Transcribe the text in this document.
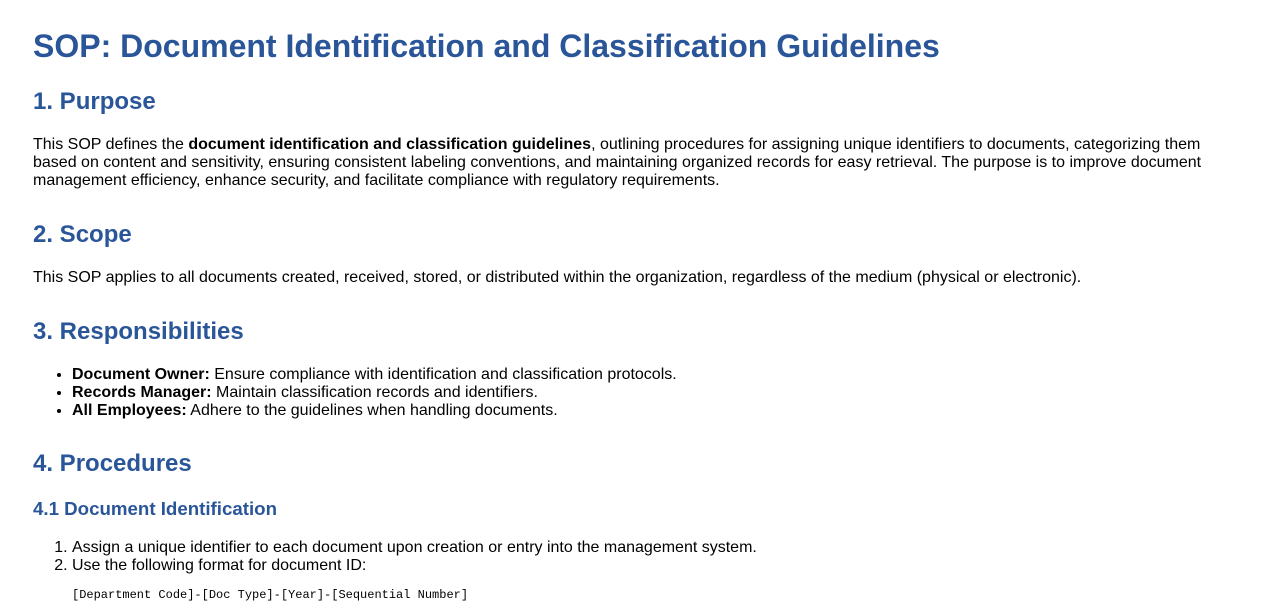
SOP: Document Identification and Classification Guidelines
1. Purpose

This SOP defines the document identification and classification guidelines, outlining procedures for assigning unique identifiers to documents, categorizing them based on content and sensitivity, ensuring consistent labeling conventions, and maintaining organized records for easy retrieval. The purpose is to improve document management efficiency, enhance security, and facilitate compliance with regulatory requirements.

2. Scope

This SOP applies to all documents created, received, stored, or distributed within the organization, regardless of the medium (physical or electronic).

3. Responsibilities
• Document Owner: Ensure compliance with identification and classification protocols.
• Records Manager: Maintain classification records and identifiers.
• All Employees: Adhere to the guidelines when handling documents.
4. Procedures
4.1 Document Identification
1. Assign a unique identifier to each document upon creation or entry into the management system.
2. Use the following format for document ID:
[Department Code]-[Doc Type]-[Year]-[Sequential Number]
